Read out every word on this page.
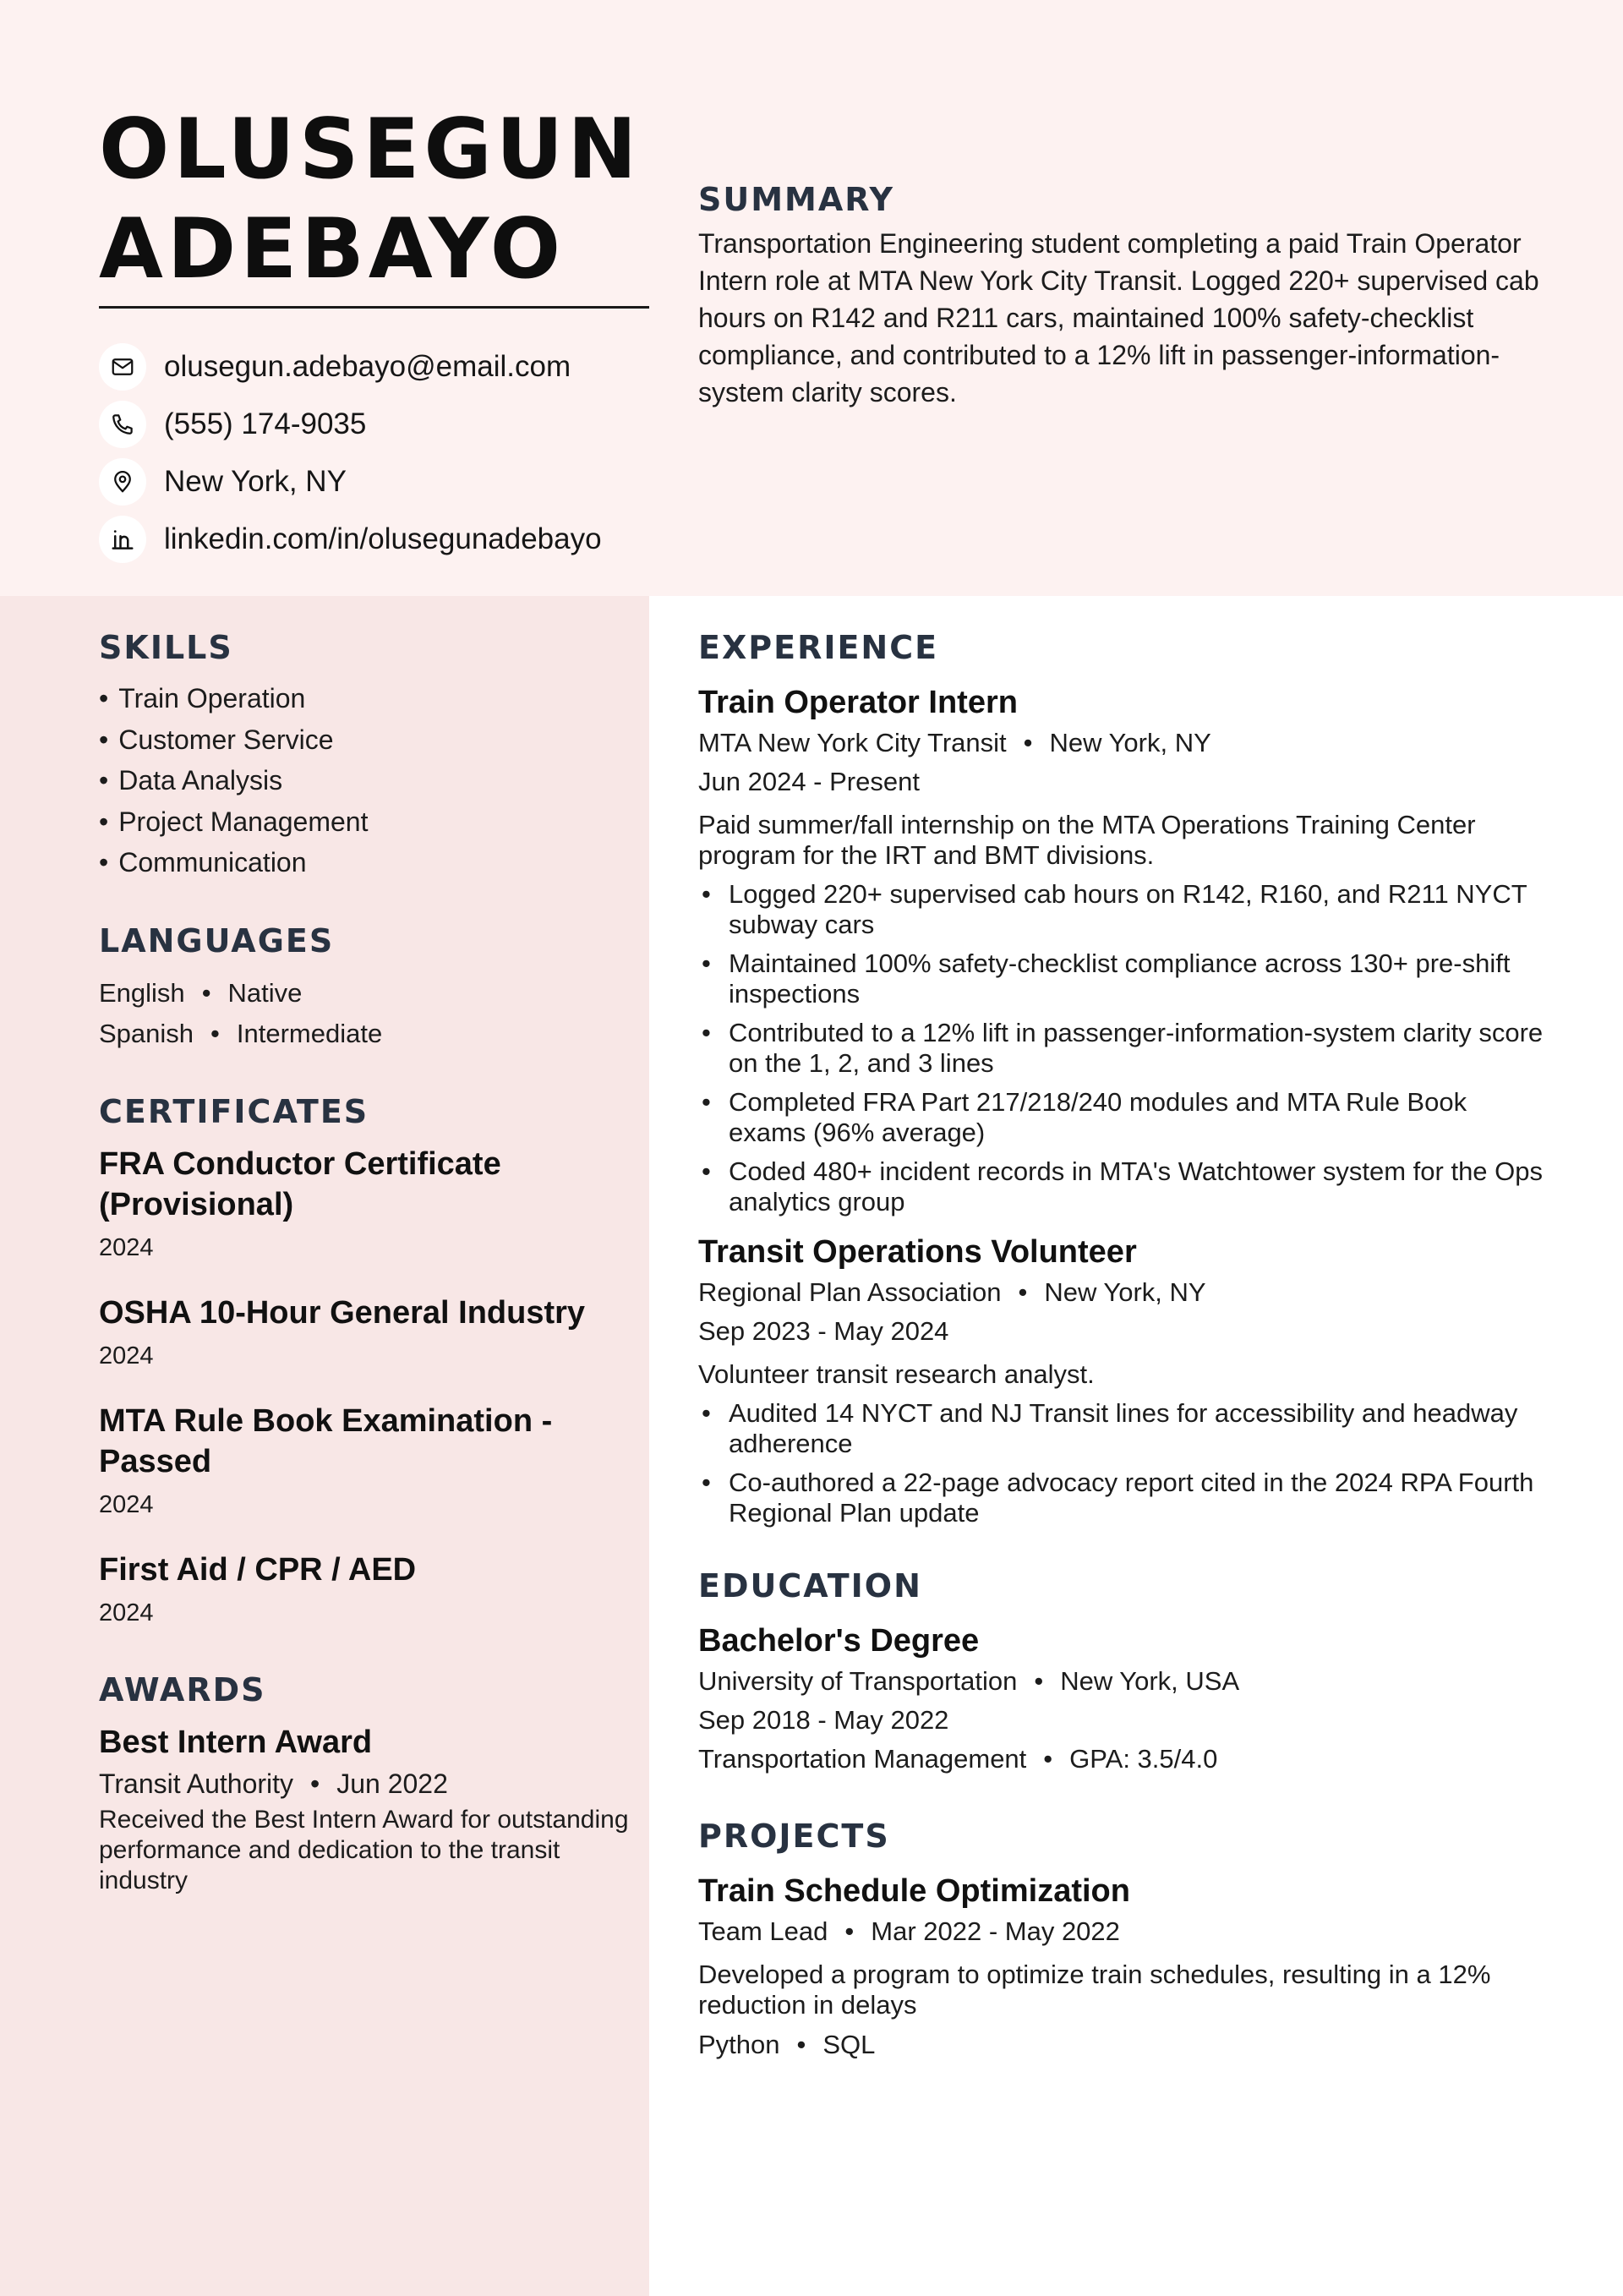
OLUSEGUN
ADEBAYO
olusegun.adebayo@email.com
(555) 174-9035
New York, NY
linkedin.com/in/olusegunadebayo
SUMMARY

Transportation Engineering student completing a paid Train Operator Intern role at MTA New York City Transit. Logged 220+ supervised cab hours on R142 and R211 cars, maintained 100% safety-checklist compliance, and contributed to a 12% lift in passenger-information-system clarity scores.

SKILLS
• Train Operation
• Customer Service
• Data Analysis
• Project Management
• Communication
LANGUAGES
English • Native
Spanish • Intermediate
CERTIFICATES
FRA Conductor Certificate (Provisional)
2024
OSHA 10-Hour General Industry
2024
MTA Rule Book Examination - Passed
2024
First Aid / CPR / AED
2024
AWARDS
Best Intern Award
Transit Authority • Jun 2022
Received the Best Intern Award for outstanding performance and dedication to the transit industry
EXPERIENCE
Train Operator Intern
MTA New York City Transit • New York, NY
Jun 2024 - Present
Paid summer/fall internship on the MTA Operations Training Center program for the IRT and BMT divisions.
• Logged 220+ supervised cab hours on R142, R160, and R211 NYCT subway cars
• Maintained 100% safety-checklist compliance across 130+ pre-shift inspections
• Contributed to a 12% lift in passenger-information-system clarity score on the 1, 2, and 3 lines
• Completed FRA Part 217/218/240 modules and MTA Rule Book exams (96% average)
• Coded 480+ incident records in MTA's Watchtower system for the Ops analytics group
Transit Operations Volunteer
Regional Plan Association • New York, NY
Sep 2023 - May 2024
Volunteer transit research analyst.
• Audited 14 NYCT and NJ Transit lines for accessibility and headway adherence
• Co-authored a 22-page advocacy report cited in the 2024 RPA Fourth Regional Plan update
EDUCATION
Bachelor's Degree
University of Transportation • New York, USA
Sep 2018 - May 2022
Transportation Management • GPA: 3.5/4.0
PROJECTS
Train Schedule Optimization
Team Lead • Mar 2022 - May 2022
Developed a program to optimize train schedules, resulting in a 12% reduction in delays
Python • SQL
